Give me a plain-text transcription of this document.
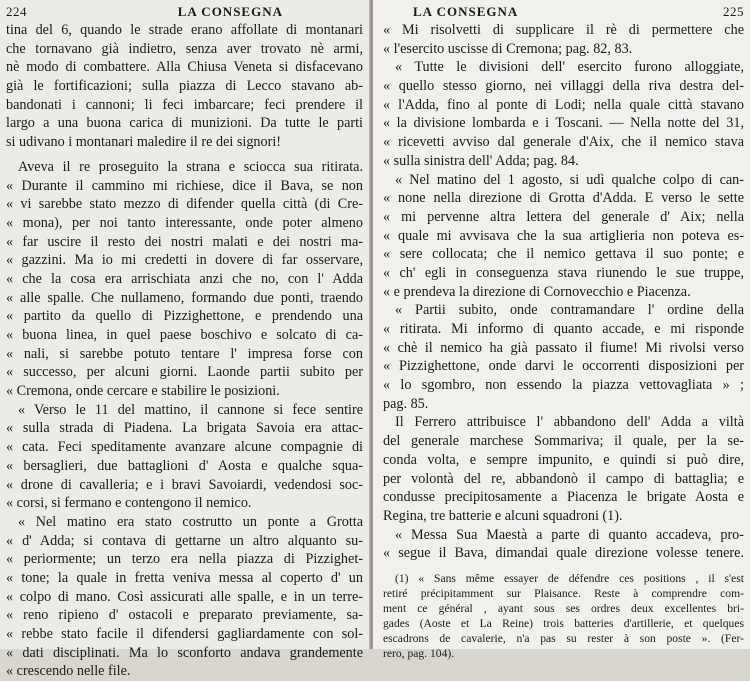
224	LA CONSEGNA
tina del 6, quando le strade erano affollate di montanari
che tornavano già indietro, senza aver trovato nè armi,
nè modo di combattere. Alla Chiusa Veneta si disfacevano
già le fortificazioni; sulla piazza di Lecco stavano ab-
bandonati i cannoni; li feci imbarcare; feci prendere il
largo a una buona carica di munizioni. Da tutte le parti
si udivano i montanari maledire il re dei signori!
Aveva il re proseguito la strana e sciocca sua ritirata.
« Durante il cammino mi richiese, dice il Bava, se non
« vi sarebbe stato mezzo di difender quella città (di Cre-
« mona), per noi tanto interessante, onde poter almeno
« far uscire il resto dei nostri malati e dei nostri ma-
« gazzini. Ma io mi credetti in dovere di far osservare,
« che la cosa era arrischiata anzi che no, con l' Adda
« alle spalle. Che nullameno, formando due ponti, traendo
« partito da quello di Pizzighettone, e prendendo una
« buona linea, in quel paese boschivo e solcato di ca-
« nali, si sarebbe potuto tentare l' impresa forse con
« successo, per alcuni giorni. Laonde partii subito per
« Cremona, onde cercare e stabilire le posizioni.
« Verso le 11 del mattino, il cannone si fece sentire
« sulla strada di Piadena. La brigata Savoia era attac-
« cata. Feci speditamente avanzare alcune compagnie di
« bersaglieri, due battaglioni d' Aosta e qualche squa-
« drone di cavalleria; e i bravi Savoiardi, vedendosi soc-
« corsi, si fermano e contengono il nemico.
« Nel matino era stato costrutto un ponte a Grotta
« d' Adda; si contava di gettarne un altro alquanto su-
« periormente; un terzo era nella piazza di Pizzighet-
« tone; la quale in fretta veniva messa al coperto d' un
« colpo di mano. Così assicurati alle spalle, e in un terre-
« reno ripieno d' ostacoli e preparato previamente, sa-
« rebbe stato facile il difendersi gagliardamente con sol-
« dati disciplinati. Ma lo sconforto andava grandemente
« crescendo nelle file.
LA CONSEGNA	225
« Mi risolvetti di supplicare il rè di permettere che
« l'esercito uscisse di Cremona; pag. 82, 83.
« Tutte le divisioni dell' esercito furono alloggiate,
« quello stesso giorno, nei villaggi della riva destra del-
« l'Adda, fino al ponte di Lodi; nella quale città stavano
« la divisione lombarda e i Toscani. — Nella notte del 31,
« ricevetti avviso dal generale d'Aix, che il nemico stava
« sulla sinistra dell' Adda; pag. 84.
« Nel matino del 1 agosto, si udì qualche colpo di can-
« none nella direzione di Grotta d'Adda. E verso le sette
« mi pervenne altra lettera del generale d' Aix; nella
« quale mi avvisava che la sua artiglieria non poteva es-
« sere collocata; che il nemico gettava il suo ponte; e
« ch' egli in conseguenza stava riunendo le sue truppe,
« e prendeva la direzione di Cornovecchio e Piacenza.
« Partii subito, onde contramandare l' ordine della
« ritirata. Mi informo di quanto accade, e mi risponde
« chè il nemico ha già passato il fiume! Mi rivolsi verso
« Pizzighettone, onde darvi le occorrenti disposizioni per
« lo sgombro, non essendo la piazza vettovagliata » ;
pag. 85.
Il Ferrero attribuisce l' abbandono dell' Adda a viltà
del generale marchese Sommariva; il quale, per la se-
conda volta, e sempre impunito, e quindi si può dire,
per volontà del re, abbandonò il campo di battaglia; e
condusse precipitosamente a Piacenza le brigate Aosta e
Regina, tre batterie e alcuni squadroni (1).
« Messa Sua Maestà a parte di quanto accadeva, pro-
« segue il Bava, dimandai quale direzione volesse tenere.
(1) « Sans même essayer de défendre ces positions , il s'est
retiré précipitamment sur Plaisance. Reste à comprendre com-
ment ce général , ayant sous ses ordres deux excellentes bri-
gades (Aoste et La Reine) trois batteries d'artillerie, et quelques
escadrons de cavalerie, n'a pas su rester à son poste ». (Fer-
rero, pag. 104).
